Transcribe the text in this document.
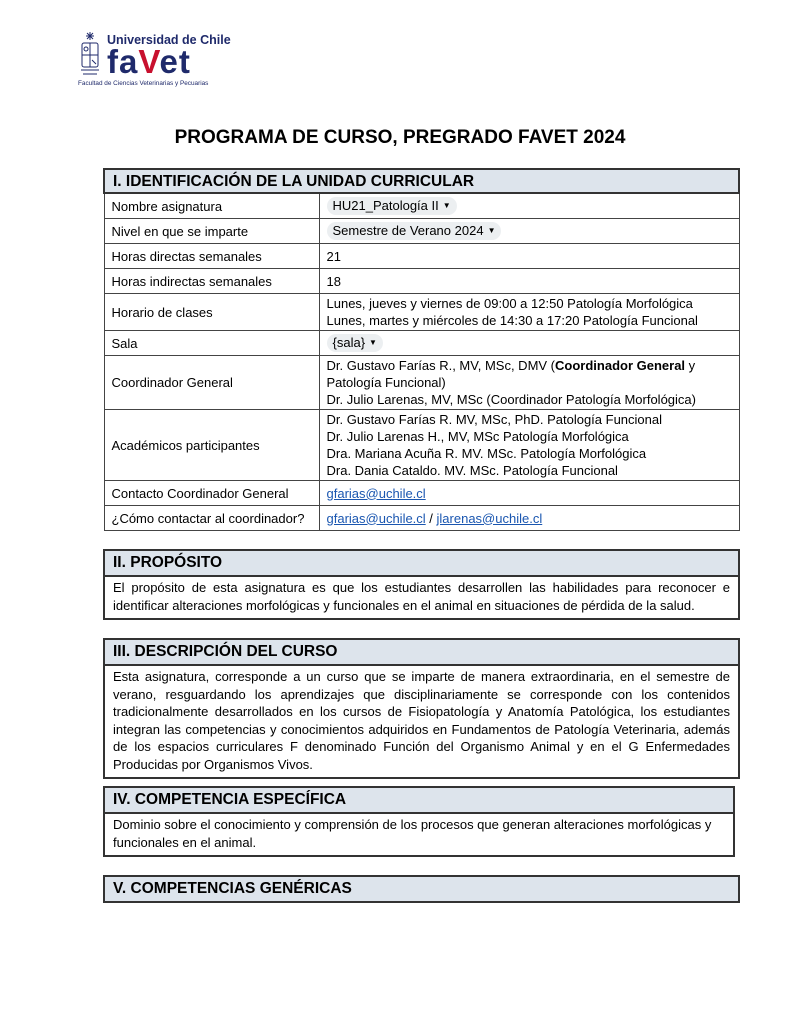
Universidad de Chile
faVet
Facultad de Ciencias Veterinarias y Pecuarias
PROGRAMA DE CURSO, PREGRADO FAVET 2024
I. IDENTIFICACIÓN DE LA UNIDAD CURRICULAR	
Nombre asignatura	HU21_Patología II ▼
Nivel en que se imparte	Semestre de Verano 2024 ▼
Horas directas semanales	21
Horas indirectas semanales	18
Horario de clases	Lunes, jueves y viernes de 09:00 a 12:50 Patología Morfológica
Lunes, martes y miércoles de 14:30 a 17:20 Patología Funcional

Sala	{sala} ▼
Coordinador General	Dr. Gustavo Farías R., MV, MSc, DMV (Coordinador General y
Patología Funcional)
Dr. Julio Larenas, MV, MSc (Coordinador Patología Morfológica)

Académicos participantes	Dr. Gustavo Farías R. MV, MSc, PhD. Patología Funcional
Dr. Julio Larenas H., MV, MSc Patología Morfológica
Dra. Mariana Acuña R. MV. MSc. Patología Morfológica
Dra. Dania Cataldo. MV. MSc. Patología Funcional

Contacto Coordinador General	gfarias@uchile.cl
¿Cómo contactar al coordinador?	gfarias@uchile.cl / jlarenas@uchile.cl
II. PROPÓSITO
El propósito de esta asignatura es que los estudiantes desarrollen las habilidades para reconocer e identificar alteraciones morfológicas y funcionales en el animal en situaciones de pérdida de la salud.
III. DESCRIPCIÓN DEL CURSO
Esta asignatura, corresponde a un curso que se imparte de manera extraordinaria, en el semestre de verano, resguardando los aprendizajes que disciplinariamente se corresponde con los contenidos tradicionalmente desarrollados en los cursos de Fisiopatología y Anatomía Patológica, los estudiantes integran las competencias y conocimientos adquiridos en Fundamentos de Patología Veterinaria, además de los espacios curriculares F denominado Función del Organismo Animal y en el G Enfermedades Producidas por Organismos Vivos.
IV. COMPETENCIA ESPECÍFICA
Dominio sobre el conocimiento y comprensión de los procesos que generan alteraciones morfológicas y funcionales en el animal.
V. COMPETENCIAS GENÉRICAS
